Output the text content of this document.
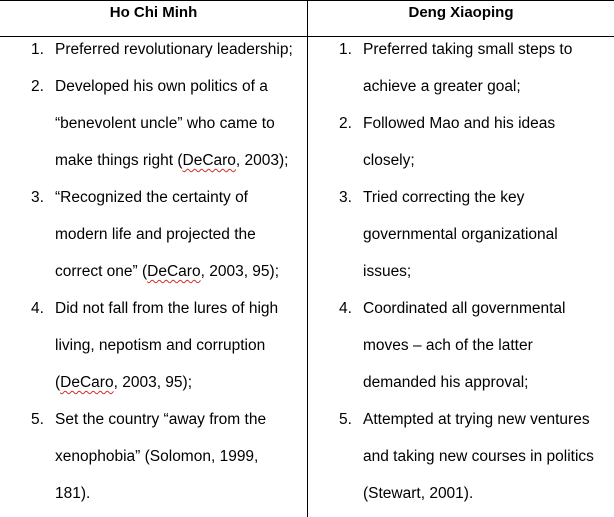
Ho Chi Minh	Deng Xiaoping
1. Preferred revolutionary leadership;
2. Developed his own politics of a
“benevolent uncle” who came to
make things right (DeCaro, 2003);
3. “Recognized the certainty of
modern life and projected the
correct one” (DeCaro, 2003, 95);
4. Did not fall from the lures of high
living, nepotism and corruption
(DeCaro, 2003, 95);
5. Set the country “away from the
xenophobia” (Solomon, 1999,
181).
1. Preferred taking small steps to
achieve a greater goal;
2. Followed Mao and his ideas
closely;
3. Tried correcting the key
governmental organizational
issues;
4. Coordinated all governmental
moves – ach of the latter
demanded his approval;
5. Attempted at trying new ventures
and taking new courses in politics
(Stewart, 2001).
